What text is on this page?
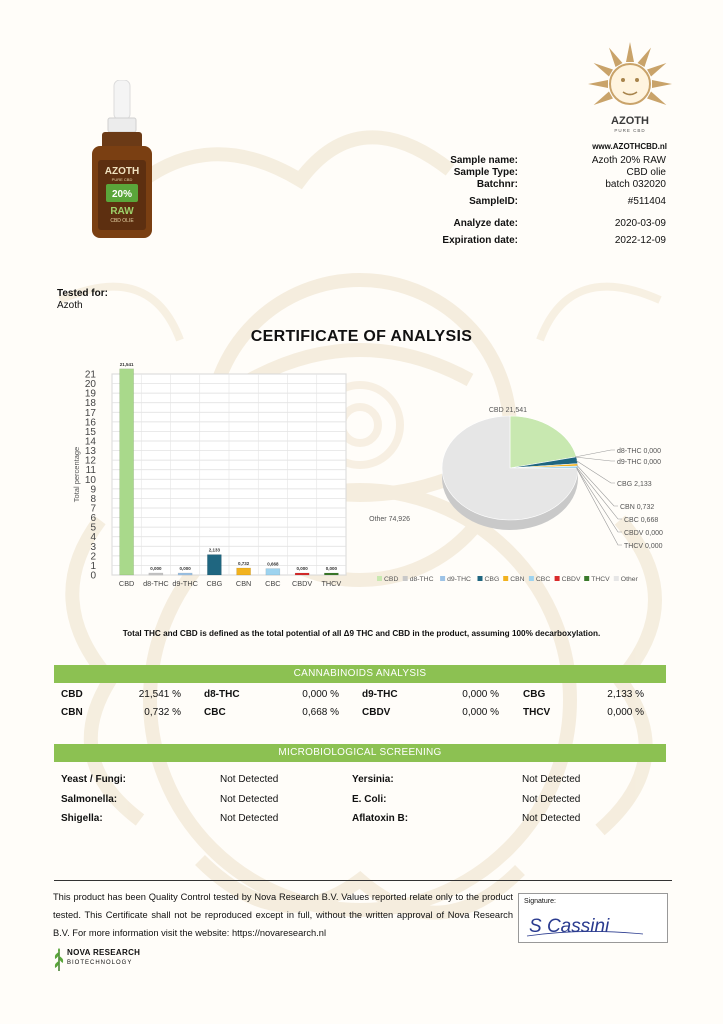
AZOTH
PURE CBD
20%
RAW
CBD OLIE
AZOTH
PURE CBD
www.AZOTHCBD.nl
Sample name:	Azoth 20% RAW
Sample Type:	CBD olie
Batchnr:	batch 032020
SampleID:	#511404
Analyze date:	2020-03-09
Expiration date:	2022-12-09
Tested for:
Azoth
CERTIFICATE OF ANALYSIS
0
1
2
3
4
5
6
7
8
9
10
11
12
13
14
15
16
17
18
19
20
21
Total percentage
21,541
CBD
0,000
d8-THC
0,000
d9-THC
2,133
CBG
0,732
CBN
0,668
CBC
0,000
CBDV
0,000
THCV
CBD 21,541
d8-THC 0,000
d9-THC 0,000
CBG 2,133
CBN 0,732
CBC 0,668
CBDV 0,000
THCV 0,000
Other 74,926
CBD d8-THC d9-THC CBG CBN CBC CBDV THCV Other
Total THC and CBD is defined as the total potential of all Δ9 THC and CBD in the product, assuming 100% decarboxylation.
CANNABINOIDS ANALYSIS
CBD	21,541 % d8-THC	0,000 % d9-THC	0,000 % CBG	2,133 %
CBN	0,732 % CBC	0,668 % CBDV	0,000 % THCV	0,000 %
MICROBIOLOGICAL SCREENING
Yeast / Fungi:	Not Detected	Yersinia:	Not Detected
Salmonella:	Not Detected	E. Coli:	Not Detected
Shigella:	Not Detected	Aflatoxin B:	Not Detected
This product has been Quality Control tested by Nova Research B.V. Values reported relate only to the product tested. This Certificate shall not be reproduced except in full, without the written approval of Nova Research B.V. For more information visit the website: https://novaresearch.nl
Signature:
S Cassini
NOVA RESEARCH
BIOTECHNOLOGY
